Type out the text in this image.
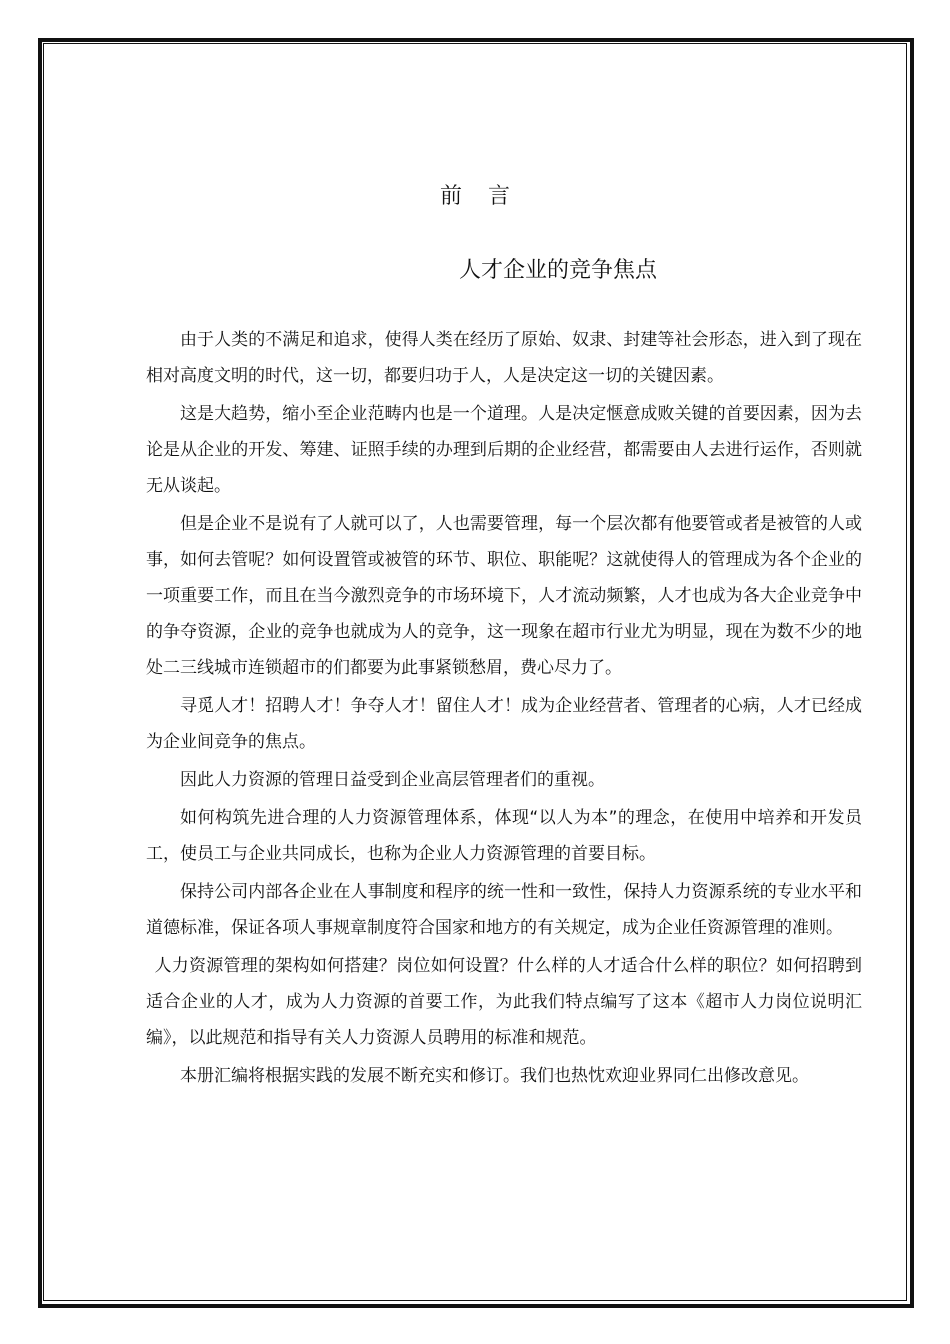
前言
人才企业的竞争焦点

由于人类的不满足和追求，使得人类在经历了原始、奴隶、封建等社会形态，进入到了现在相对高度文明的时代，这一切，都要归功于人，人是决定这一切的关键因素。

这是大趋势，缩小至企业范畴内也是一个道理。人是决定惬意成败关键的首要因素，因为去论是从企业的开发、筹建、证照手续的办理到后期的企业经营，都需要由人去进行运作，否则就无从谈起。

但是企业不是说有了人就可以了，人也需要管理，每一个层次都有他要管或者是被管的人或事，如何去管呢？如何设置管或被管的环节、职位、职能呢？这就使得人的管理成为各个企业的一项重要工作，而且在当今激烈竞争的市场环境下，人才流动频繁，人才也成为各大企业竞争中的争夺资源，企业的竞争也就成为人的竞争，这一现象在超市行业尤为明显，现在为数不少的地处二三线城市连锁超市的们都要为此事紧锁愁眉，费心尽力了。

寻觅人才！招聘人才！争夺人才！留住人才！成为企业经营者、管理者的心病，人才已经成为企业间竞争的焦点。

因此人力资源的管理日益受到企业高层管理者们的重视。

如何构筑先进合理的人力资源管理体系，体现“以人为本”的理念，在使用中培养和开发员工，使员工与企业共同成长，也称为企业人力资源管理的首要目标。

保持公司内部各企业在人事制度和程序的统一性和一致性，保持人力资源系统的专业水平和道德标准，保证各项人事规章制度符合国家和地方的有关规定，成为企业任资源管理的准则。

人力资源管理的架构如何搭建？岗位如何设置？什么样的人才适合什么样的职位？如何招聘到适合企业的人才，成为人力资源的首要工作，为此我们特点编写了这本《超市人力岗位说明汇编》，以此规范和指导有关人力资源人员聘用的标准和规范。

本册汇编将根据实践的发展不断充实和修订。我们也热忱欢迎业界同仁出修改意见。
